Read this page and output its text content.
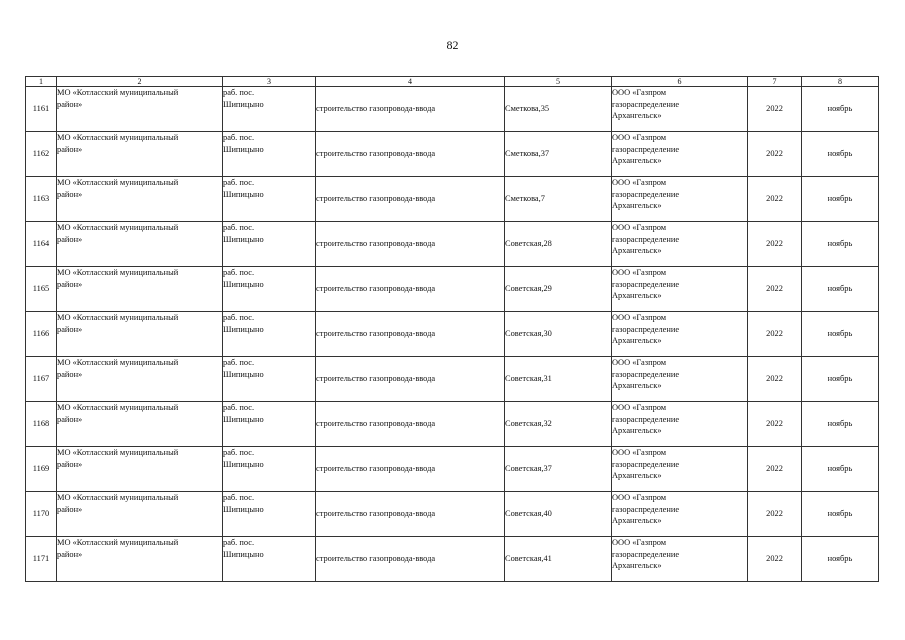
82
1	2	3	4	5	6	7	8
1161	МО «Котласский муниципальный
район»	раб. пос.
Шипицыно	строительство газопровода-ввода	Сметкова,35	ООО «Газпром
газораспределение
Архангельск»	2022	ноябрь
1162	МО «Котласский муниципальный
район»	раб. пос.
Шипицыно	строительство газопровода-ввода	Сметкова,37	ООО «Газпром
газораспределение
Архангельск»	2022	ноябрь
1163	МО «Котласский муниципальный
район»	раб. пос.
Шипицыно	строительство газопровода-ввода	Сметкова,7	ООО «Газпром
газораспределение
Архангельск»	2022	ноябрь
1164	МО «Котласский муниципальный
район»	раб. пос.
Шипицыно	строительство газопровода-ввода	Советская,28	ООО «Газпром
газораспределение
Архангельск»	2022	ноябрь
1165	МО «Котласский муниципальный
район»	раб. пос.
Шипицыно	строительство газопровода-ввода	Советская,29	ООО «Газпром
газораспределение
Архангельск»	2022	ноябрь
1166	МО «Котласский муниципальный
район»	раб. пос.
Шипицыно	строительство газопровода-ввода	Советская,30	ООО «Газпром
газораспределение
Архангельск»	2022	ноябрь
1167	МО «Котласский муниципальный
район»	раб. пос.
Шипицыно	строительство газопровода-ввода	Советская,31	ООО «Газпром
газораспределение
Архангельск»	2022	ноябрь
1168	МО «Котласский муниципальный
район»	раб. пос.
Шипицыно	строительство газопровода-ввода	Советская,32	ООО «Газпром
газораспределение
Архангельск»	2022	ноябрь
1169	МО «Котласский муниципальный
район»	раб. пос.
Шипицыно	строительство газопровода-ввода	Советская,37	ООО «Газпром
газораспределение
Архангельск»	2022	ноябрь
1170	МО «Котласский муниципальный
район»	раб. пос.
Шипицыно	строительство газопровода-ввода	Советская,40	ООО «Газпром
газораспределение
Архангельск»	2022	ноябрь
1171	МО «Котласский муниципальный
район»	раб. пос.
Шипицыно	строительство газопровода-ввода	Советская,41	ООО «Газпром
газораспределение
Архангельск»	2022	ноябрь
